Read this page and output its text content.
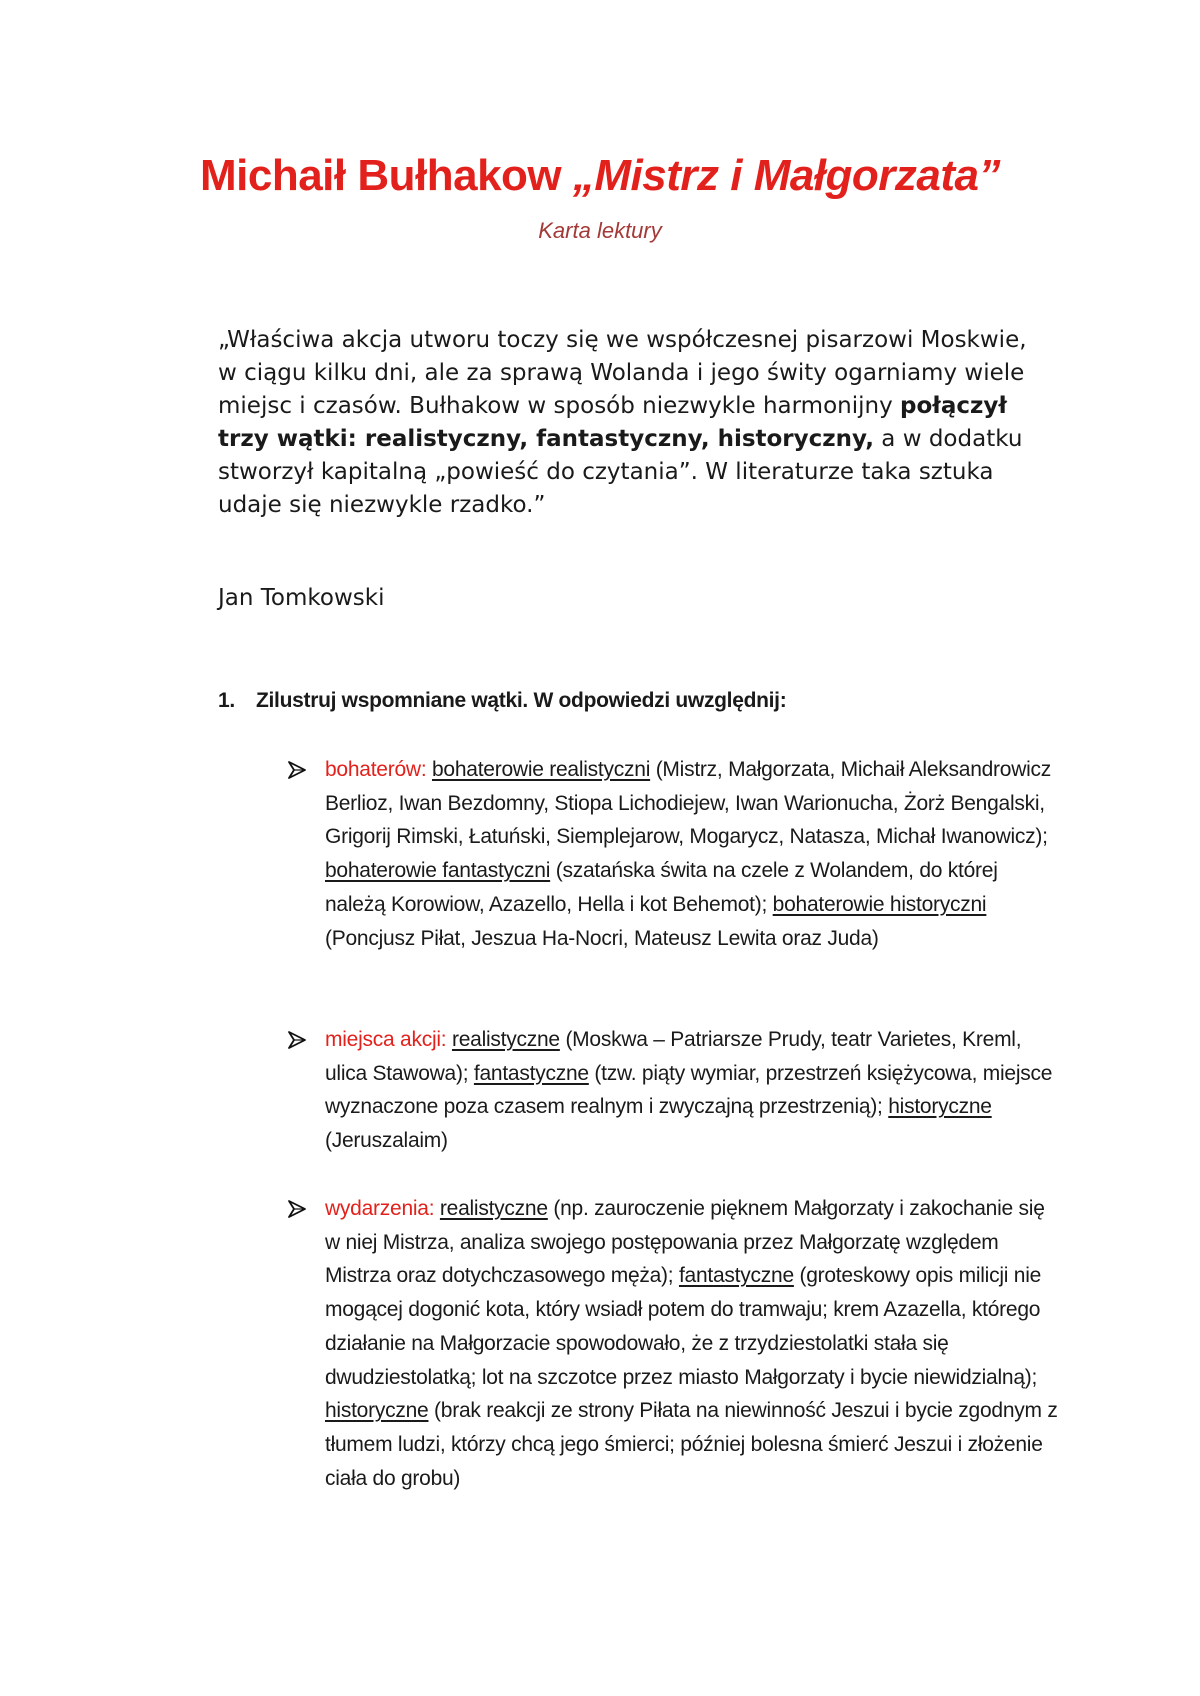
Michaił Bułhakow „Mistrz i Małgorzata”
Karta lektury

„Właściwa akcja utworu toczy się we współczesnej pisarzowi Moskwie, w ciągu kilku dni, ale za sprawą Wolanda i jego świty ogarniamy wiele miejsc i czasów. Bułhakow w sposób niezwykle harmonijny połączył trzy wątki: realistyczny, fantastyczny, historyczny, a w dodatku stworzył kapitalną „powieść do czytania”. W literaturze taka sztuka udaje się niezwykle rzadko.”

Jan Tomkowski
1. Zilustruj wspomniane wątki. W odpowiedzi uwzględnij:

bohaterów: bohaterowie realistyczni (Mistrz, Małgorzata, Michaił Aleksandrowicz Berlioz, Iwan Bezdomny, Stiopa Lichodiejew, Iwan Warionucha, Żorż Bengalski, Grigorij Rimski, Łatuński, Siemplejarow, Mogarycz, Natasza, Michał Iwanowicz); bohaterowie fantastyczni (szatańska świta na czele z Wolandem, do której należą Korowiow, Azazello, Hella i kot Behemot); bohaterowie historyczni (Poncjusz Piłat, Jeszua Ha-Nocri, Mateusz Lewita oraz Juda)

miejsca akcji: realistyczne (Moskwa – Patriarsze Prudy, teatr Varietes, Kreml, ulica Stawowa); fantastyczne (tzw. piąty wymiar, przestrzeń księżycowa, miejsce wyznaczone poza czasem realnym i zwyczajną przestrzenią); historyczne (Jeruszalaim)

wydarzenia: realistyczne (np. zauroczenie pięknem Małgorzaty i zakochanie się w niej Mistrza, analiza swojego postępowania przez Małgorzatę względem Mistrza oraz dotychczasowego męża); fantastyczne (groteskowy opis milicji nie mogącej dogonić kota, który wsiadł potem do tramwaju; krem Azazella, którego działanie na Małgorzacie spowodowało, że z trzydziestolatki stała się dwudziestolatką; lot na szczotce przez miasto Małgorzaty i bycie niewidzialną); historyczne (brak reakcji ze strony Piłata na niewinność Jeszui i bycie zgodnym z tłumem ludzi, którzy chcą jego śmierci; później bolesna śmierć Jeszui i złożenie ciała do grobu)
